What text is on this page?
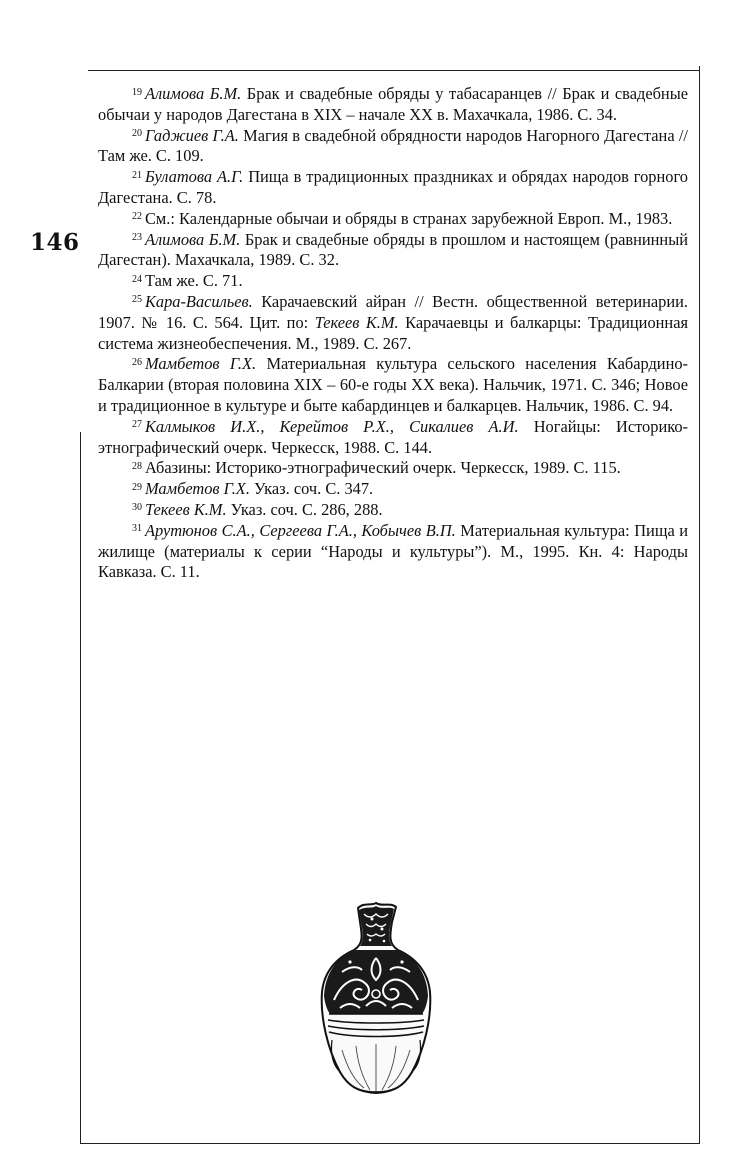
146

$^{19}$ Алимова Б.М. Брак и свадебные обряды у табасаранцев // Брак и свадебные обычаи у народов Дагестана в XIX – начале XX в. Махачкала, 1986. С. 34.

$^{20}$ Гаджиев Г.А. Магия в свадебной обрядности народов Нагорного Дагестана // Там же. С. 109.

$^{21}$ Булатова А.Г. Пища в традиционных праздниках и обрядах народов горного Дагестана. С. 78.

$^{22}$ См.: Календарные обычаи и обряды в странах зарубежной Европ. М., 1983.

$^{23}$ Алимова Б.М. Брак и свадебные обряды в прошлом и настоящем (равнинный Дагестан). Махачкала, 1989. С. 32.

$^{24}$ Там же. С. 71.

$^{25}$ Кара-Васильев. Карачаевский айран // Вестн. общественной ветеринарии. 1907. № 16. С. 564. Цит. по: Текеев К.М. Карачаевцы и балкарцы: Традиционная система жизнеобеспечения. М., 1989. С. 267.

$^{26}$ Мамбетов Г.Х. Материальная культура сельского населения Кабардино-Балкарии (вторая половина XIX – 60-е годы XX века). Нальчик, 1971. С. 346; Новое и традиционное в культуре и быте кабардинцев и балкарцев. Нальчик, 1986. С. 94.

$^{27}$ Калмыков И.Х., Керейтов Р.Х., Сикалиев А.И. Ногайцы: Историко-этнографический очерк. Черкесск, 1988. С. 144.

$^{28}$ Абазины: Историко-этнографический очерк. Черкесск, 1989. С. 115.

$^{29}$ Мамбетов Г.Х. Указ. соч. С. 347.

$^{30}$ Текеев К.М. Указ. соч. С. 286, 288.

$^{31}$ Арутюнов С.А., Сергеева Г.А., Кобычев В.П. Материальная культура: Пища и жилище (материалы к серии “Народы и культуры”). М., 1995. Кн. 4: Народы Кавказа. С. 11.
